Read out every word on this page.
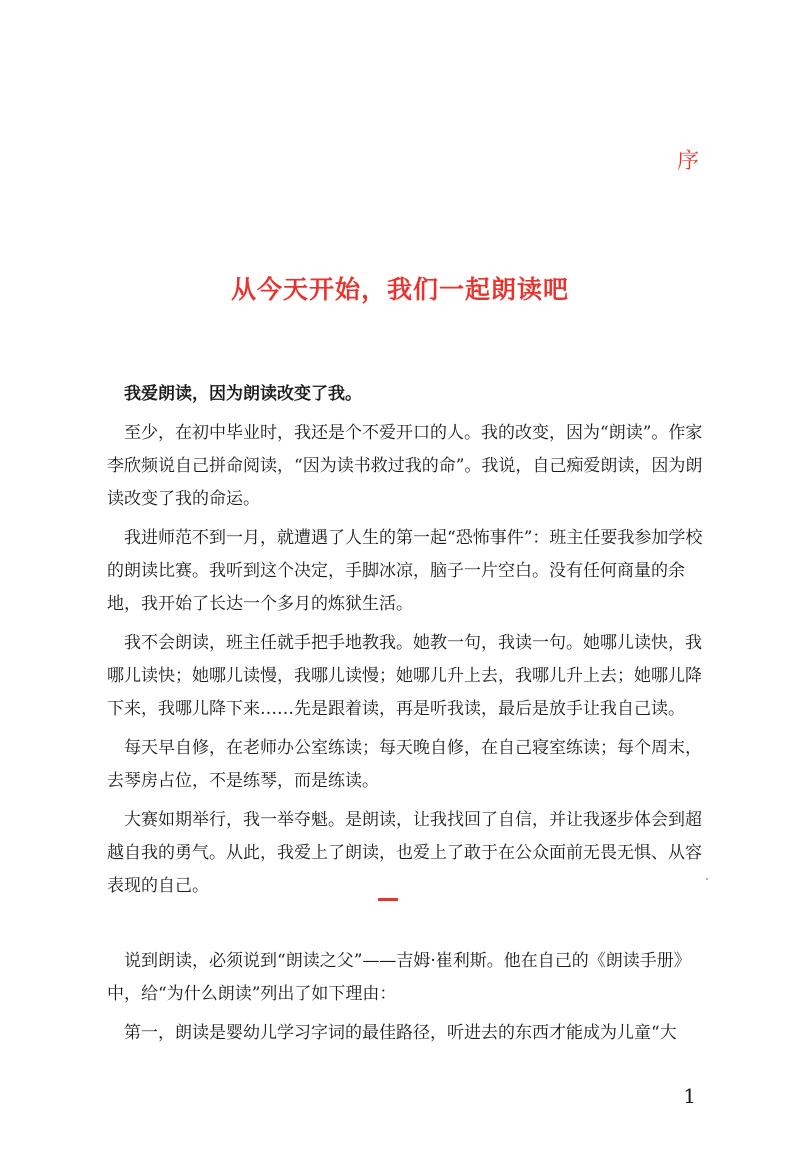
序
从今天开始，我们一起朗读吧

我爱朗读，因为朗读改变了我。

至少，在初中毕业时，我还是个不爱开口的人。我的改变，因为“朗读”。作家李欣频说自己拼命阅读，“因为读书救过我的命”。我说，自己痴爱朗读，因为朗读改变了我的命运。

我进师范不到一月，就遭遇了人生的第一起“恐怖事件”：班主任要我参加学校的朗读比赛。我听到这个决定，手脚冰凉，脑子一片空白。没有任何商量的余地，我开始了长达一个多月的炼狱生活。

我不会朗读，班主任就手把手地教我。她教一句，我读一句。她哪儿读快，我哪儿读快；她哪儿读慢，我哪儿读慢；她哪儿升上去，我哪儿升上去；她哪儿降下来，我哪儿降下来……先是跟着读，再是听我读，最后是放手让我自己读。

每天早自修，在老师办公室练读；每天晚自修，在自己寝室练读；每个周末，去琴房占位，不是练琴，而是练读。

大赛如期举行，我一举夺魁。是朗读，让我找回了自信，并让我逐步体会到超越自我的勇气。从此，我爱上了朗读，也爱上了敢于在公众面前无畏无惧、从容表现的自己。

说到朗读，必须说到“朗读之父”——吉姆·崔利斯。他在自己的《朗读手册》中，给“为什么朗读”列出了如下理由：

第一，朗读是婴幼儿学习字词的最佳路径，听进去的东西才能成为儿童“大

1
